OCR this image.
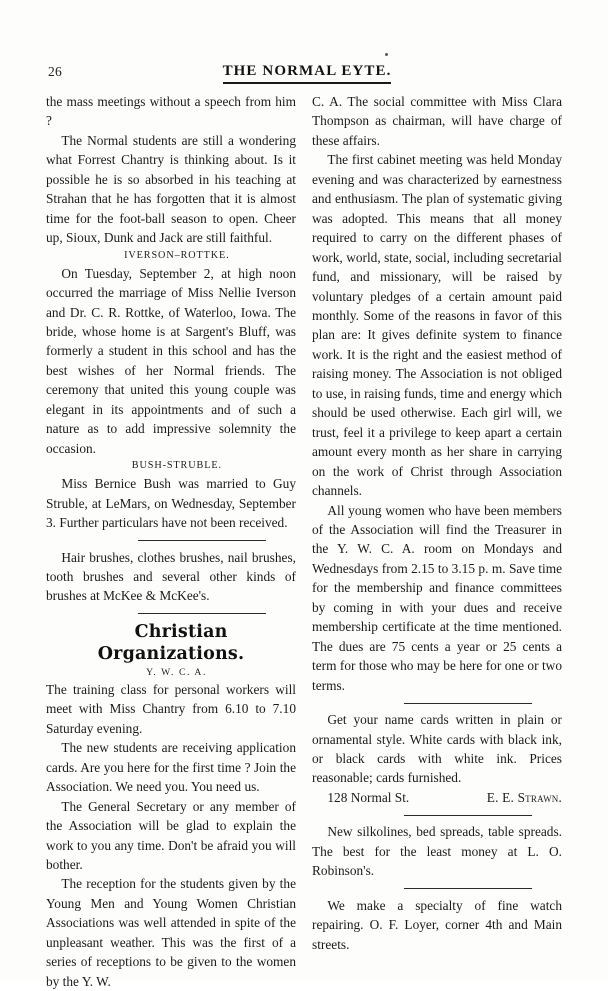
26	THE NORMAL EYTE.

the mass meetings without a speech from him ?

The Normal students are still a wondering what Forrest Chantry is thinking about. Is it possible he is so absorbed in his teaching at Strahan that he has forgotten that it is almost time for the foot-ball season to open. Cheer up, Sioux, Dunk and Jack are still faithful.

IVERSON–ROTTKE.

On Tuesday, September 2, at high noon occurred the marriage of Miss Nellie Iverson and Dr. C. R. Rottke, of Waterloo, Iowa. The bride, whose home is at Sargent's Bluff, was formerly a student in this school and has the best wishes of her Normal friends. The ceremony that united this young couple was elegant in its appointments and of such a nature as to add impressive solemnity the occasion.

BUSH-STRUBLE.

Miss Bernice Bush was married to Guy Struble, at LeMars, on Wednesday, September 3. Further particulars have not been received.

Hair brushes, clothes brushes, nail brushes, tooth brushes and several other kinds of brushes at McKee & McKee's.

Christian Organizations.

Y. W. C. A.

The training class for personal workers will meet with Miss Chantry from 6.10 to 7.10 Saturday evening.

The new students are receiving application cards. Are you here for the first time ? Join the Association. We need you. You need us.

The General Secretary or any member of the Association will be glad to explain the work to you any time. Don't be afraid you will bother.

The reception for the students given by the Young Men and Young Women Christian Associations was well attended in spite of the unpleasant weather. This was the first of a series of receptions to be given to the women by the Y. W.

C. A. The social committee with Miss Clara Thompson as chairman, will have charge of these affairs.

The first cabinet meeting was held Monday evening and was characterized by earnestness and enthusiasm. The plan of systematic giving was adopted. This means that all money required to carry on the different phases of work, world, state, social, including secretarial fund, and missionary, will be raised by voluntary pledges of a certain amount paid monthly. Some of the reasons in favor of this plan are: It gives definite system to finance work. It is the right and the easiest method of raising money. The Association is not obliged to use, in raising funds, time and energy which should be used otherwise. Each girl will, we trust, feel it a privilege to keep apart a certain amount every month as her share in carrying on the work of Christ through Association channels.

All young women who have been members of the Association will find the Treasurer in the Y. W. C. A. room on Mondays and Wednesdays from 2.15 to 3.15 p. m. Save time for the membership and finance committees by coming in with your dues and receive membership certificate at the time mentioned. The dues are 75 cents a year or 25 cents a term for those who may be here for one or two terms.

Get your name cards written in plain or ornamental style. White cards with black ink, or black cards with white ink. Prices reasonable; cards furnished.

128 Normal St.	E. E. Strawn.

New silkolines, bed spreads, table spreads. The best for the least money at L. O. Robinson's.

We make a specialty of fine watch repairing. O. F. Loyer, corner 4th and Main streets.
